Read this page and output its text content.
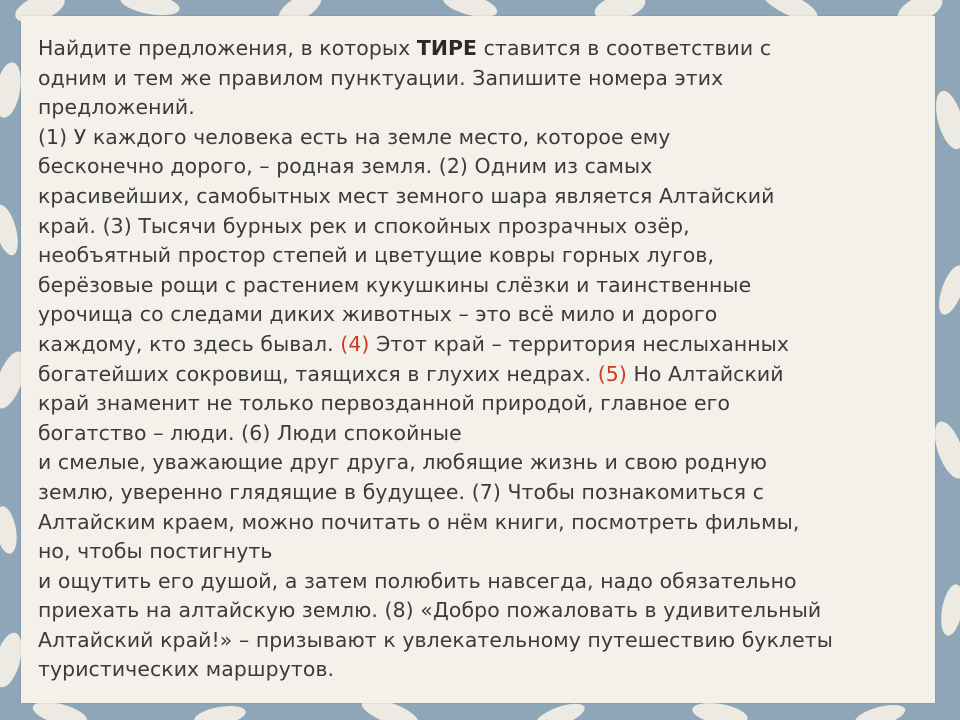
Найдите предложения, в которых ТИРЕ ставится в соответствии с
одним и тем же правилом пунктуации. Запишите номера этих
предложений.
(1) У каждого человека есть на земле место, которое ему
бесконечно дорого, – родная земля. (2) Одним из самых
красивейших, самобытных мест земного шара является Алтайский
край. (3) Тысячи бурных рек и спокойных прозрачных озёр,
необъятный простор степей и цветущие ковры горных лугов,
берёзовые рощи с растением кукушкины слёзки и таинственные
урочища со следами диких животных – это всё мило и дорого
каждому, кто здесь бывал. (4) Этот край – территория неслыханных
богатейших сокровищ, таящихся в глухих недрах. (5) Но Алтайский
край знаменит не только первозданной природой, главное его
богатство – люди. (6) Люди спокойные
и смелые, уважающие друг друга, любящие жизнь и свою родную
землю, уверенно глядящие в будущее. (7) Чтобы познакомиться с
Алтайским краем, можно почитать о нём книги, посмотреть фильмы,
но, чтобы постигнуть
и ощутить его душой, а затем полюбить навсегда, надо обязательно
приехать на алтайскую землю. (8) «Добро пожаловать в удивительный
Алтайский край!» – призывают к увлекательному путешествию буклеты
туристических маршрутов.
